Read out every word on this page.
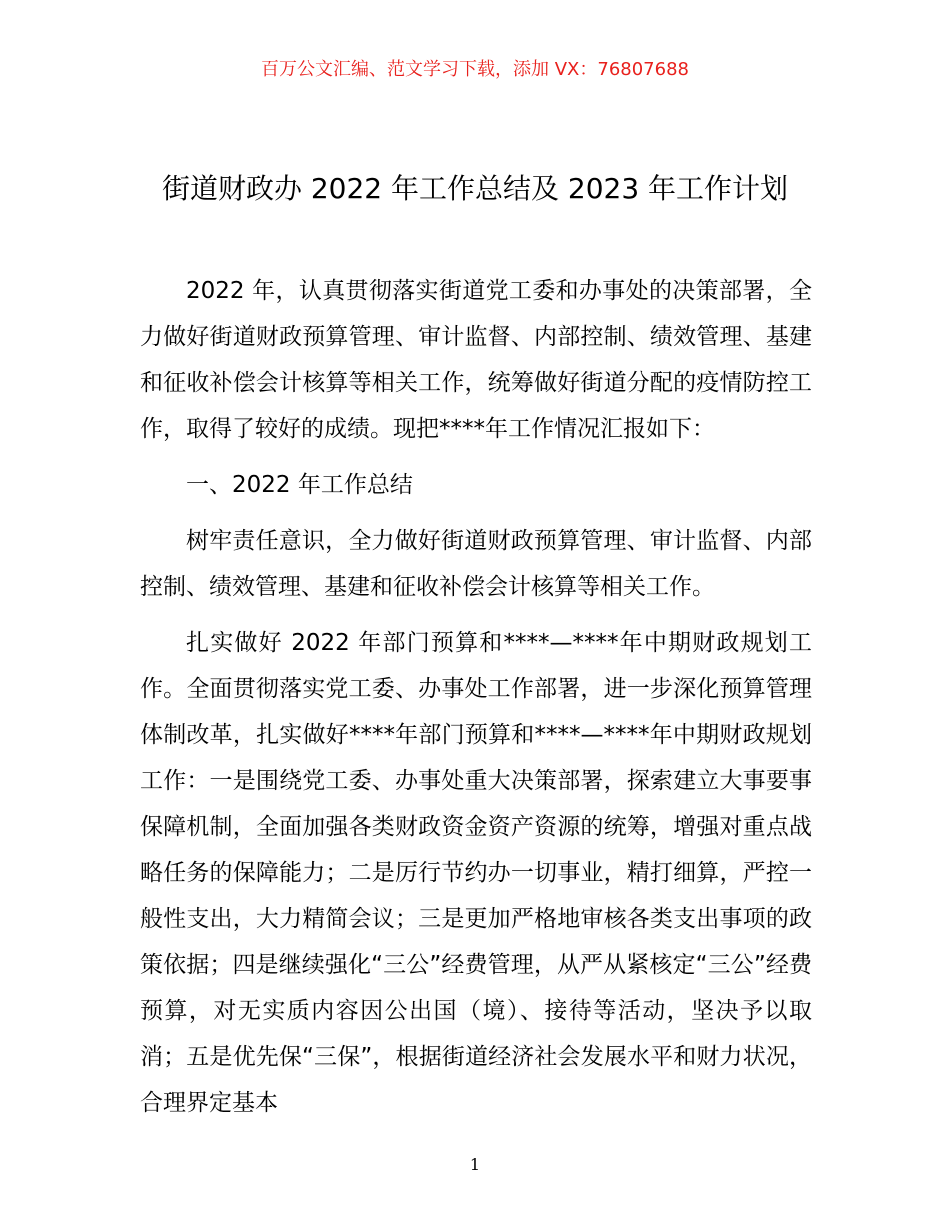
百万公文汇编、范文学习下载，添加 VX：76807688
街道财政办 2022 年工作总结及 2023 年工作计划

2022 年，认真贯彻落实街道党工委和办事处的决策部署，全力做好街道财政预算管理、审计监督、内部控制、绩效管理、基建和征收补偿会计核算等相关工作，统筹做好街道分配的疫情防控工作，取得了较好的成绩。现把****年工作情况汇报如下：

一、2022 年工作总结

树牢责任意识，全力做好街道财政预算管理、审计监督、内部控制、绩效管理、基建和征收补偿会计核算等相关工作。

扎实做好 2022 年部门预算和****—****年中期财政规划工作。全面贯彻落实党工委、办事处工作部署，进一步深化预算管理体制改革，扎实做好****年部门预算和****—****年中期财政规划工作：一是围绕党工委、办事处重大决策部署，探索建立大事要事保障机制，全面加强各类财政资金资产资源的统筹，增强对重点战略任务的保障能力；二是厉行节约办一切事业，精打细算，严控一般性支出，大力精简会议；三是更加严格地审核各类支出事项的政策依据；四是继续强化“三公”经费管理，从严从紧核定“三公”经费预算，对无实质内容因公出国（境）、接待等活动，坚决予以取消；五是优先保“三保”，根据街道经济社会发展水平和财力状况，合理界定基本

1
